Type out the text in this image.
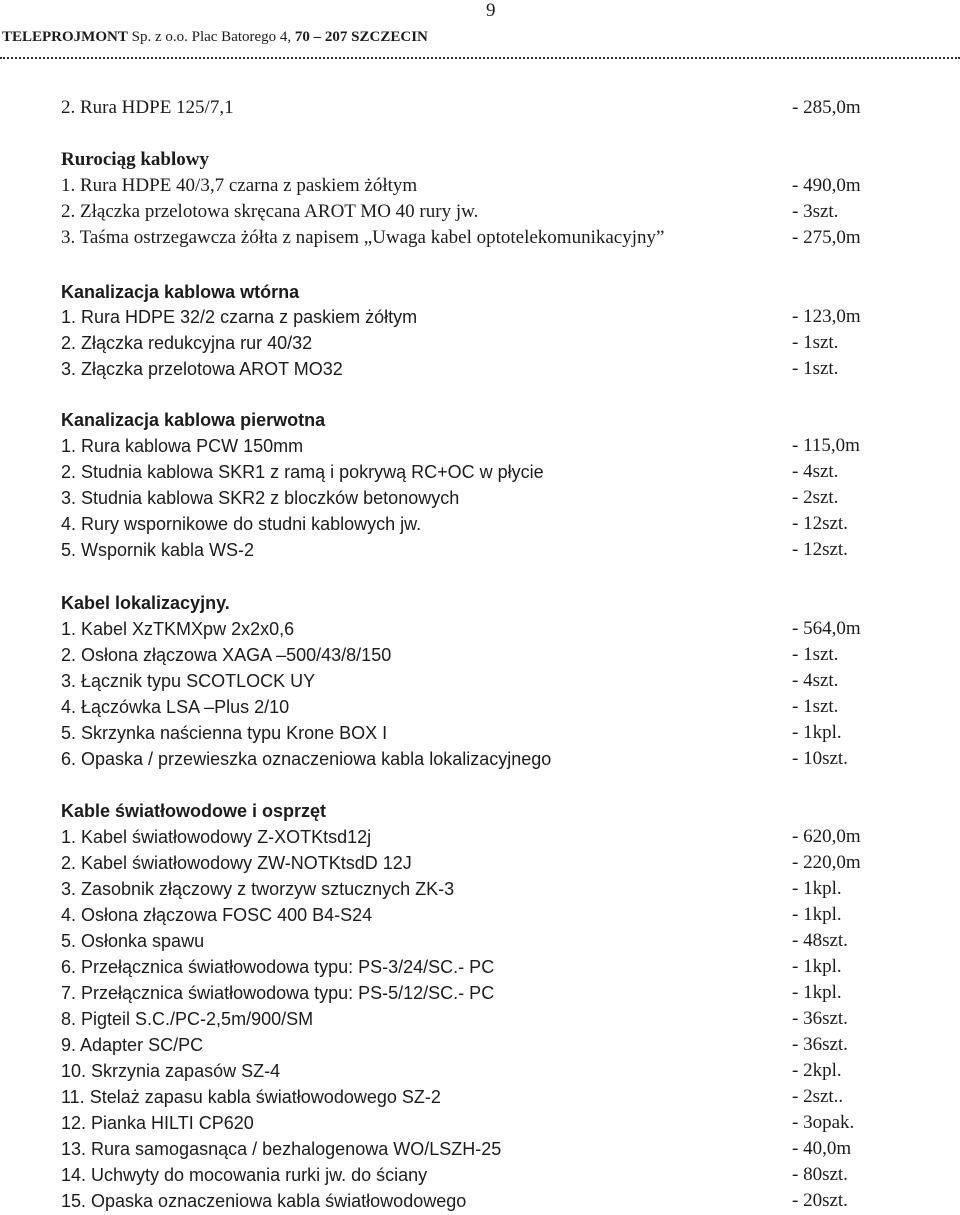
9
TELEPROJMONT Sp. z o.o. Plac Batorego 4, 70 – 207 SZCZECIN
2. Rura HDPE 125/7,1	- 285,0m
Rurociąg kablowy
1. Rura HDPE 40/3,7 czarna z paskiem żółtym	- 490,0m
2. Złączka przelotowa skręcana AROT MO 40 rury jw.	- 3szt.
3. Taśma ostrzegawcza żółta z napisem „Uwaga kabel optotelekomunikacyjny”	- 275,0m
Kanalizacja kablowa wtórna
1. Rura HDPE 32/2 czarna z paskiem żółtym	- 123,0m
2. Złączka redukcyjna rur 40/32	- 1szt.
3. Złączka przelotowa AROT MO32	- 1szt.
Kanalizacja kablowa pierwotna
1. Rura kablowa PCW 150mm	- 115,0m
2. Studnia kablowa SKR1 z ramą i pokrywą RC+OC w płycie	- 4szt.
3. Studnia kablowa SKR2 z bloczków betonowych	- 2szt.
4. Rury wspornikowe do studni kablowych jw.	- 12szt.
5. Wspornik kabla WS-2	- 12szt.
Kabel lokalizacyjny.
1. Kabel XzTKMXpw 2x2x0,6	- 564,0m
2. Osłona złączowa XAGA –500/43/8/150	- 1szt.
3. Łącznik typu SCOTLOCK UY	- 4szt.
4. Łączówka LSA –Plus 2/10	- 1szt.
5. Skrzynka naścienna typu Krone BOX I	- 1kpl.
6. Opaska / przewieszka oznaczeniowa kabla lokalizacyjnego	- 10szt.
Kable światłowodowe i osprzęt
1. Kabel światłowodowy Z-XOTKtsd12j	- 620,0m
2. Kabel światłowodowy ZW-NOTKtsdD 12J	- 220,0m
3. Zasobnik złączowy z tworzyw sztucznych ZK-3	- 1kpl.
4. Osłona złączowa FOSC 400 B4-S24	- 1kpl.
5. Osłonka spawu	- 48szt.
6. Przełącznica światłowodowa typu: PS-3/24/SC.- PC	- 1kpl.
7. Przełącznica światłowodowa typu: PS-5/12/SC.- PC	- 1kpl.
8. Pigteil S.C./PC-2,5m/900/SM	- 36szt.
9. Adapter SC/PC	- 36szt.
10. Skrzynia zapasów SZ-4	- 2kpl.
11. Stelaż zapasu kabla światłowodowego SZ-2	- 2szt..
12. Pianka HILTI CP620	- 3opak.
13. Rura samogasnąca / bezhalogenowa WO/LSZH-25	- 40,0m
14. Uchwyty do mocowania rurki jw. do ściany	- 80szt.
15. Opaska oznaczeniowa kabla światłowodowego	- 20szt.
